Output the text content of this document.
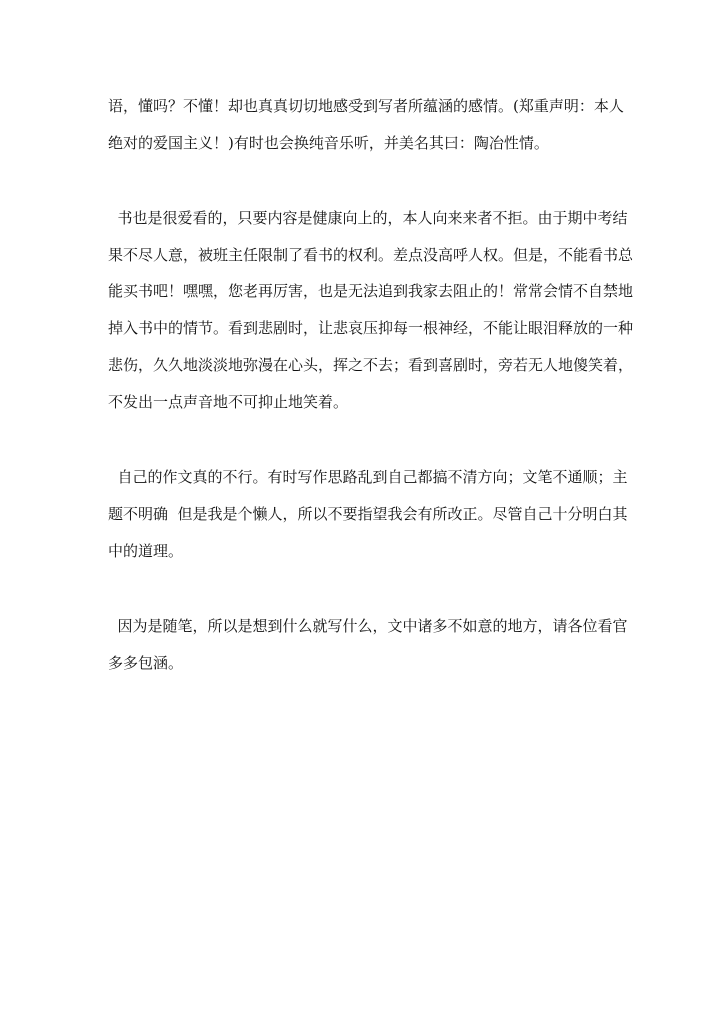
语，懂吗？不懂！却也真真切切地感受到写者所蕴涵的感情。(郑重声明：本人
绝对的爱国主义！)有时也会换纯音乐听，并美名其曰：陶冶性情。
书也是很爱看的，只要内容是健康向上的，本人向来来者不拒。由于期中考结
果不尽人意，被班主任限制了看书的权利。差点没高呼人权。但是，不能看书总
能买书吧！嘿嘿，您老再厉害，也是无法追到我家去阻止的！常常会情不自禁地
掉入书中的情节。看到悲剧时，让悲哀压抑每一根神经，不能让眼泪释放的一种
悲伤，久久地淡淡地弥漫在心头，挥之不去；看到喜剧时，旁若无人地傻笑着，
不发出一点声音地不可抑止地笑着。
自己的作文真的不行。有时写作思路乱到自己都搞不清方向；文笔不通顺；主
题不明确  但是我是个懒人，所以不要指望我会有所改正。尽管自己十分明白其
中的道理。
因为是随笔，所以是想到什么就写什么，文中诸多不如意的地方，请各位看官
多多包涵。
